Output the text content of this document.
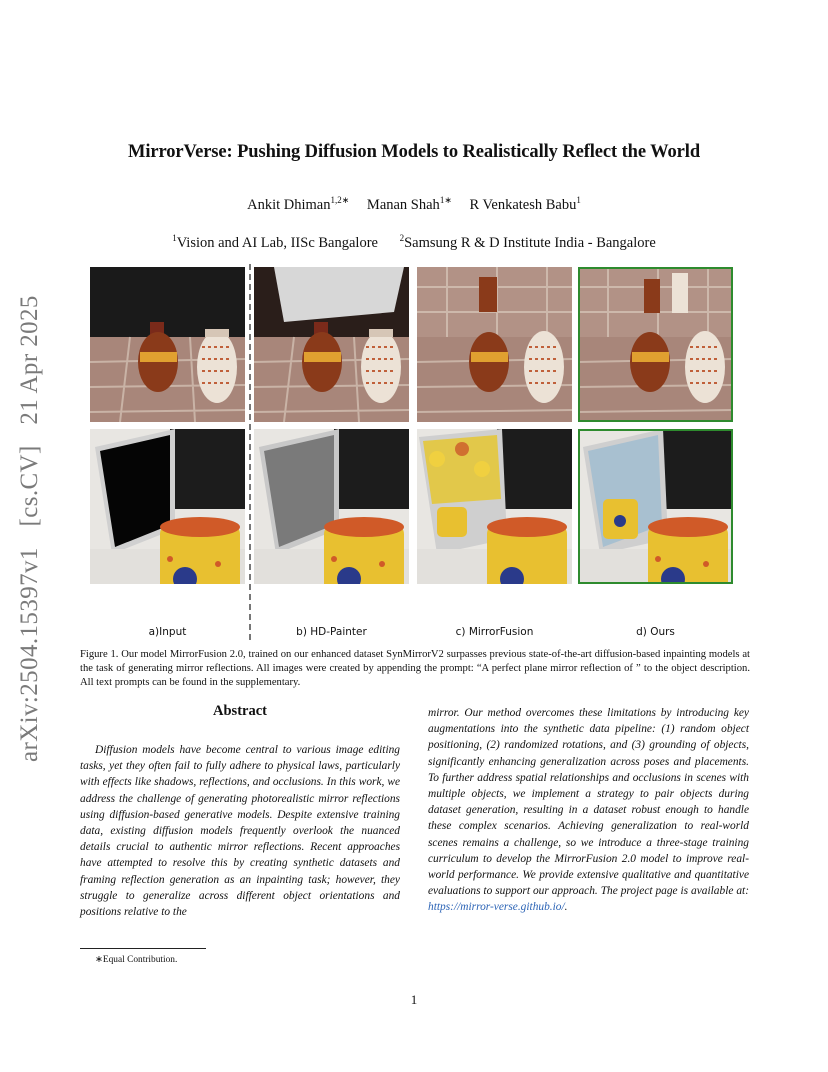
arXiv:2504.15397v1 [cs.CV] 21 Apr 2025
MirrorVerse: Pushing Diffusion Models to Realistically Reflect the World
Ankit Dhiman$^{1,2∗}$ Manan Shah$^{1∗}$ R Venkatesh Babu$^1$
$^1$Vision and AI Lab, IISc Bangalore $^2$Samsung R & D Institute India - Bangalore
a)Input	b) HD-Painter	c) MirrorFusion	d) Ours
Figure 1. Our model MirrorFusion 2.0, trained on our enhanced dataset SynMirrorV2 surpasses previous state-of-the-art diffusion-based inpainting models at the task of generating mirror reflections. All images were created by appending the prompt: “A perfect plane mirror reflection of ” to the object description. All text prompts can be found in the supplementary.
Abstract
Diffusion models have become central to various image editing tasks, yet they often fail to fully adhere to physical laws, particularly with effects like shadows, reflections, and occlusions. In this work, we address the challenge of generating photorealistic mirror reflections using diffusion-based generative models. Despite extensive training data, existing diffusion models frequently overlook the nuanced details crucial to authentic mirror reflections. Recent approaches have attempted to resolve this by creating synthetic datasets and framing reflection generation as an inpainting task; however, they struggle to generalize across different object orientations and positions relative to the
mirror. Our method overcomes these limitations by introducing key augmentations into the synthetic data pipeline: (1) random object positioning, (2) randomized rotations, and (3) grounding of objects, significantly enhancing generalization across poses and placements. To further address spatial relationships and occlusions in scenes with multiple objects, we implement a strategy to pair objects during dataset generation, resulting in a dataset robust enough to handle these complex scenarios. Achieving generalization to real-world scenes remains a challenge, so we introduce a three-stage training curriculum to develop the MirrorFusion 2.0 model to improve real-world performance. We provide extensive qualitative and quantitative evaluations to support our approach. The project page is available at: https://mirror-verse.github.io/.
∗Equal Contribution.
1
